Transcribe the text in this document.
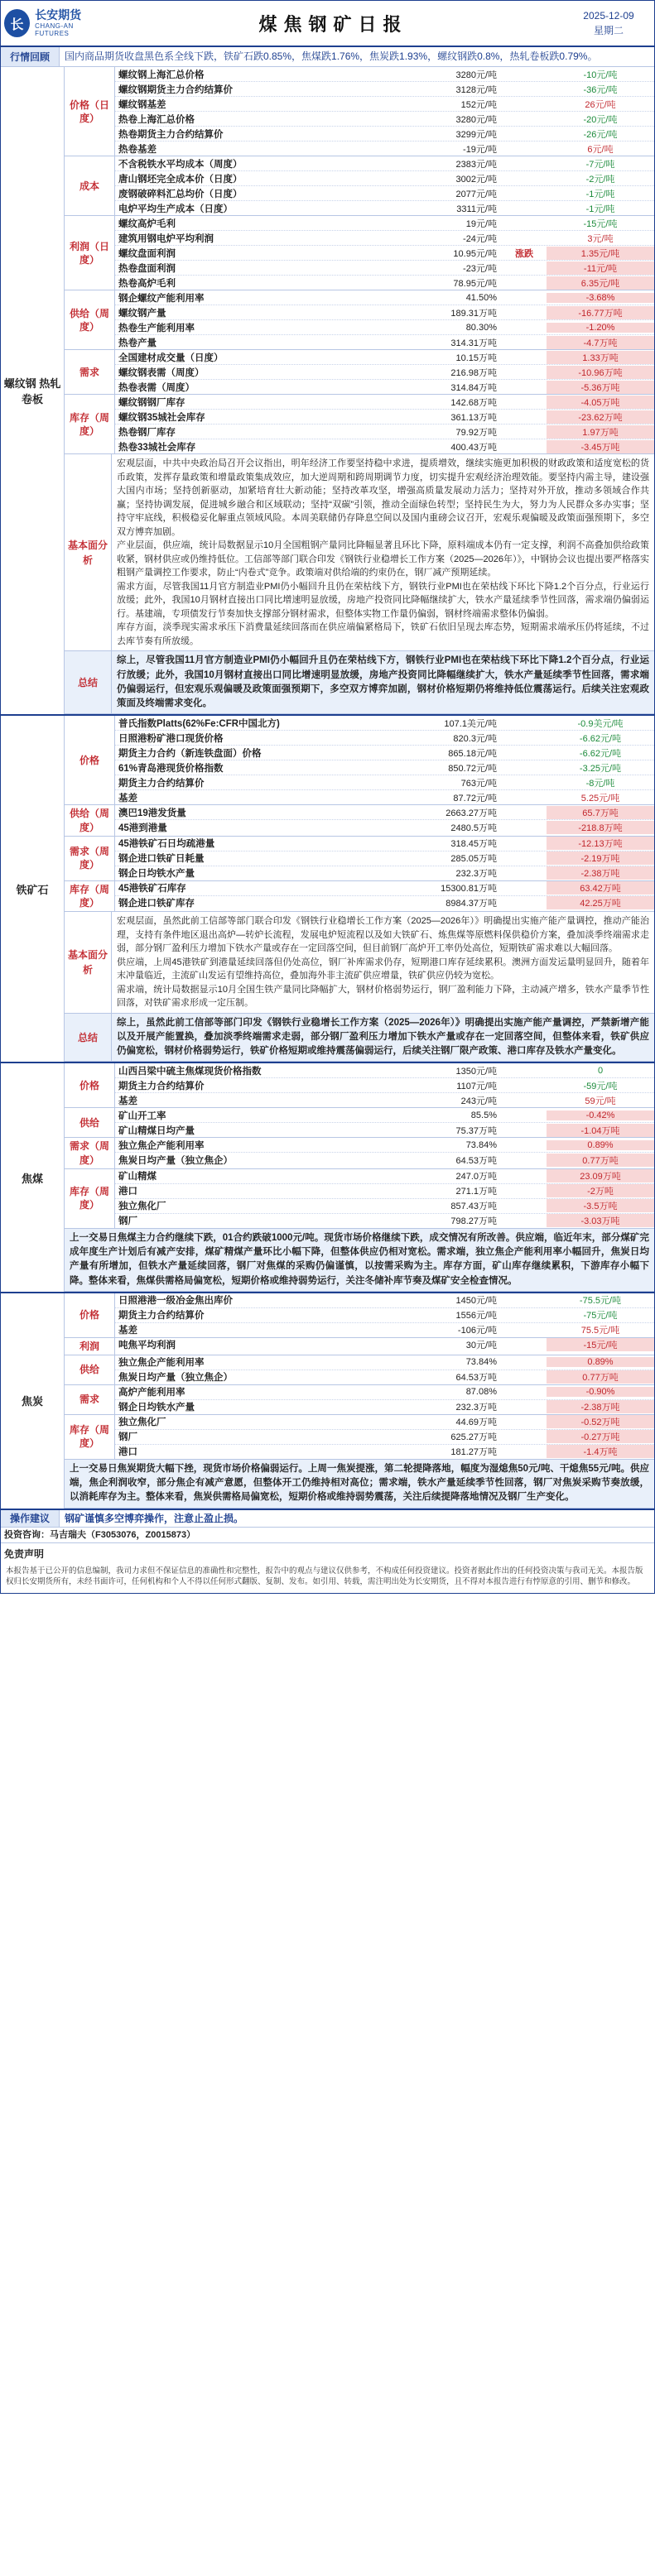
长
长安期货
CHANG-AN FUTURES	煤焦钢矿日报	2025-12-09
星期二
行情回顾	国内商品期货收盘黑色系全线下跌，铁矿石跌0.85%，焦煤跌1.76%，焦炭跌1.93%，螺纹钢跌0.8%，热轧卷板跌0.79%。
螺纹钢 热轧卷板
价格（日度）
螺纹钢上海汇总价格	3280元/吨	-10元/吨
螺纹钢期货主力合约结算价	3128元/吨	-36元/吨
螺纹钢基差	152元/吨	26元/吨
热卷上海汇总价格	3280元/吨	-20元/吨
热卷期货主力合约结算价	3299元/吨	-26元/吨
热卷基差	-19元/吨	6元/吨
成本
不含税铁水平均成本（周度）	2383元/吨	-7元/吨
唐山钢坯完全成本价（日度）	3002元/吨	-2元/吨
废钢破碎料汇总均价（日度）	2077元/吨	-1元/吨
电炉平均生产成本（日度）	3311元/吨	-1元/吨
利润（日度）
螺纹高炉毛利	19元/吨	-15元/吨
建筑用钢电炉平均利润	-24元/吨	3元/吨
螺纹盘面利润	10.95元/吨	涨跌	1.35元/吨
热卷盘面利润	-23元/吨	-11元/吨
热卷高炉毛利	78.95元/吨	6.35元/吨
供给（周度）
钢企螺纹产能利用率	41.50%	-3.68%
螺纹钢产量	189.31万吨	-16.77万吨
热卷生产能利用率	80.30%	-1.20%
热卷产量	314.31万吨	-4.7万吨
需求
全国建材成交量（日度）	10.15万吨	1.33万吨
螺纹钢表需（周度）	216.98万吨	-10.96万吨
热卷表需（周度）	314.84万吨	-5.36万吨
库存（周度）
螺纹钢钢厂库存	142.68万吨	-4.05万吨
螺纹钢35城社会库存	361.13万吨	-23.62万吨
热卷钢厂库存	79.92万吨	1.97万吨
热卷33城社会库存	400.43万吨	-3.45万吨
基本面分析

宏观层面，中共中央政治局召开会议指出，明年经济工作要坚持稳中求进，提质增效，继续实施更加积极的财政政策和适度宽松的货币政策，发挥存量政策和增量政策集成效应，加大逆周期和跨周期调节力度，切实提升宏观经济治理效能。要坚持内需主导，建设强大国内市场；坚持创新驱动，加紧培育壮大新动能；坚持改革攻坚，增强高质量发展动力活力；坚持对外开放，推动多领域合作共赢；坚持协调发展，促进城乡融合和区域联动；坚持“双碳”引领，推动全面绿色转型；坚持民生为大，努力为人民群众多办实事；坚持守牢底线，积极稳妥化解重点领域风险。本周美联储仍存降息空间以及国内重磅会议召开，宏观乐观偏暖及政策面强预期下，多空双方博弈加剧。

产业层面，供应端，统计局数据显示10月全国粗钢产量同比降幅显著且环比下降，原料端成本仍有一定支撑，利润不高叠加供给政策收紧，钢材供应或仍维持低位。工信部等部门联合印发《钢铁行业稳增长工作方案（2025—2026年）》，中钢协会议也提出要严格落实粗钢产量调控工作要求，防止“内卷式”竞争。政策端对供给端的约束仍在，钢厂减产预期延续。

需求方面，尽管我国11月官方制造业PMI仍小幅回升且仍在荣枯线下方，钢铁行业PMI也在荣枯线下环比下降1.2个百分点，行业运行放缓；此外，我国10月钢材直接出口同比增速明显放缓，房地产投资同比降幅继续扩大，铁水产量延续季节性回落，需求端仍偏弱运行。基建端，专项债发行节奏加快支撑部分钢材需求，但整体实物工作量仍偏弱，钢材终端需求整体仍偏弱。

库存方面，淡季现实需求承压下消费量延续回落而在供应端偏紧格局下，铁矿石依旧呈现去库态势，短期需求端承压仍将延续，不过去库节奏有所放缓。

总结
综上，尽管我国11月官方制造业PMI仍小幅回升且仍在荣枯线下方，钢铁行业PMI也在荣枯线下环比下降1.2个百分点，行业运行放缓；此外，我国10月钢材直接出口同比增速明显放缓，房地产投资同比降幅继续扩大，铁水产量延续季节性回落，需求端仍偏弱运行，但宏观乐观偏暖及政策面强预期下，多空双方博弈加剧，钢材价格短期仍将维持低位震荡运行。后续关注宏观政策面及终端需求变化。
铁矿石
价格
普氏指数Platts(62%Fe:CFR中国北方)	107.1美元/吨	-0.9美元/吨
日照港粉矿港口现货价格	820.3元/吨	-6.62元/吨
期货主力合约（新连铁盘面）价格	865.18元/吨	-6.62元/吨
61%青岛港现货价格指数	850.72元/吨	-3.25元/吨
期货主力合约结算价	763元/吨	-8元/吨
基差	87.72元/吨	5.25元/吨
供给（周度）
澳巴19港发货量	2663.27万吨	65.7万吨
45港到港量	2480.5万吨	-218.8万吨
需求（周度）
45港铁矿石日均疏港量	318.45万吨	-12.13万吨
钢企进口铁矿日耗量	285.05万吨	-2.19万吨
钢企日均铁水产量	232.3万吨	-2.38万吨
库存（周度）
45港铁矿石库存	15300.81万吨	63.42万吨
钢企进口铁矿库存	8984.37万吨	42.25万吨
基本面分析

宏观层面，虽然此前工信部等部门联合印发《钢铁行业稳增长工作方案（2025—2026年）》明确提出实施产能产量调控，推动产能治理，支持有条件地区退出高炉—转炉长流程，发展电炉短流程以及如大铁矿石、炼焦煤等原燃料保供稳价方案，叠加淡季终端需求走弱，部分钢厂盈利压力增加下铁水产量或存在一定回落空间，但目前钢厂高炉开工率仍处高位，短期铁矿需求难以大幅回落。

供应端，上周45港铁矿到港量延续回落但仍处高位，钢厂补库需求仍存，短期港口库存延续累积。澳洲方面发运量明显回升，随着年末冲量临近，主流矿山发运有望维持高位，叠加海外非主流矿供应增量，铁矿供应仍较为宽松。

需求端，统计局数据显示10月全国生铁产量同比降幅扩大，钢材价格弱势运行，钢厂盈利能力下降，主动减产增多，铁水产量季节性回落，对铁矿需求形成一定压制。

总结
综上，虽然此前工信部等部门印发《钢铁行业稳增长工作方案（2025—2026年）》明确提出实施产能产量调控，严禁新增产能以及开展产能置换，叠加淡季终端需求走弱，部分钢厂盈利压力增加下铁水产量或存在一定回落空间，但整体来看，铁矿供应仍偏宽松，钢材价格弱势运行，铁矿价格短期或维持震荡偏弱运行，后续关注钢厂限产政策、港口库存及铁水产量变化。
焦煤
价格
山西吕梁中硫主焦煤现货价格指数	1350元/吨	0
期货主力合约结算价	1107元/吨	-59元/吨
基差	243元/吨	59元/吨
供给
矿山开工率	85.5%	-0.42%
矿山精煤日均产量	75.37万吨	-1.04万吨
需求（周度）
独立焦企产能利用率	73.84%	0.89%
焦炭日均产量（独立焦企）	64.53万吨	0.77万吨
库存（周度）
矿山精煤	247.0万吨	23.09万吨
港口	271.1万吨	-2万吨
独立焦化厂	857.43万吨	-3.5万吨
钢厂	798.27万吨	-3.03万吨
上一交易日焦煤主力合约继续下跌，01合约跌破1000元/吨。现货市场价格继续下跌，成交情况有所改善。供应端，临近年末，部分煤矿完成年度生产计划后有减产安排，煤矿精煤产量环比小幅下降，但整体供应仍相对宽松。需求端，独立焦企产能利用率小幅回升，焦炭日均产量有所增加，但铁水产量延续回落，钢厂对焦煤的采购仍偏谨慎，以按需采购为主。库存方面，矿山库存继续累积，下游库存小幅下降。整体来看，焦煤供需格局偏宽松，短期价格或维持弱势运行，关注冬储补库节奏及煤矿安全检查情况。
焦炭
价格
日照港港一级冶金焦出库价	1450元/吨	-75.5元/吨
期货主力合约结算价	1556元/吨	-75元/吨
基差	-106元/吨	75.5元/吨
利润	吨焦平均利润	30元/吨	-15元/吨
供给
独立焦企产能利用率	73.84%	0.89%
焦炭日均产量（独立焦企）	64.53万吨	0.77万吨
需求
高炉产能利用率	87.08%	-0.90%
钢企日均铁水产量	232.3万吨	-2.38万吨
库存（周度）
独立焦化厂	44.69万吨	-0.52万吨
钢厂	625.27万吨	-0.27万吨
港口	181.27万吨	-1.4万吨
上一交易日焦炭期货大幅下挫，现货市场价格偏弱运行。上周一焦炭提涨，第二轮提降落地，幅度为湿熄焦50元/吨、干熄焦55元/吨。供应端，焦企利润收窄，部分焦企有减产意愿，但整体开工仍维持相对高位；需求端，铁水产量延续季节性回落，钢厂对焦炭采购节奏放缓，以消耗库存为主。整体来看，焦炭供需格局偏宽松，短期价格或维持弱势震荡，关注后续提降落地情况及钢厂生产变化。
操作建议	钢矿谨慎多空博弈操作，注意止盈止损。
投资咨询：马吉瑞夫（F3053076，Z0015873）
免责声明
本报告基于已公开的信息编制，我司力求但不保证信息的准确性和完整性，报告中的观点与建议仅供参考，不构成任何投资建议。投资者据此作出的任何投资决策与我司无关。本报告版权归长安期货所有，未经书面许可，任何机构和个人不得以任何形式翻版、复制、发布。如引用、转载，需注明出处为长安期货，且不得对本报告进行有悖原意的引用、删节和修改。
